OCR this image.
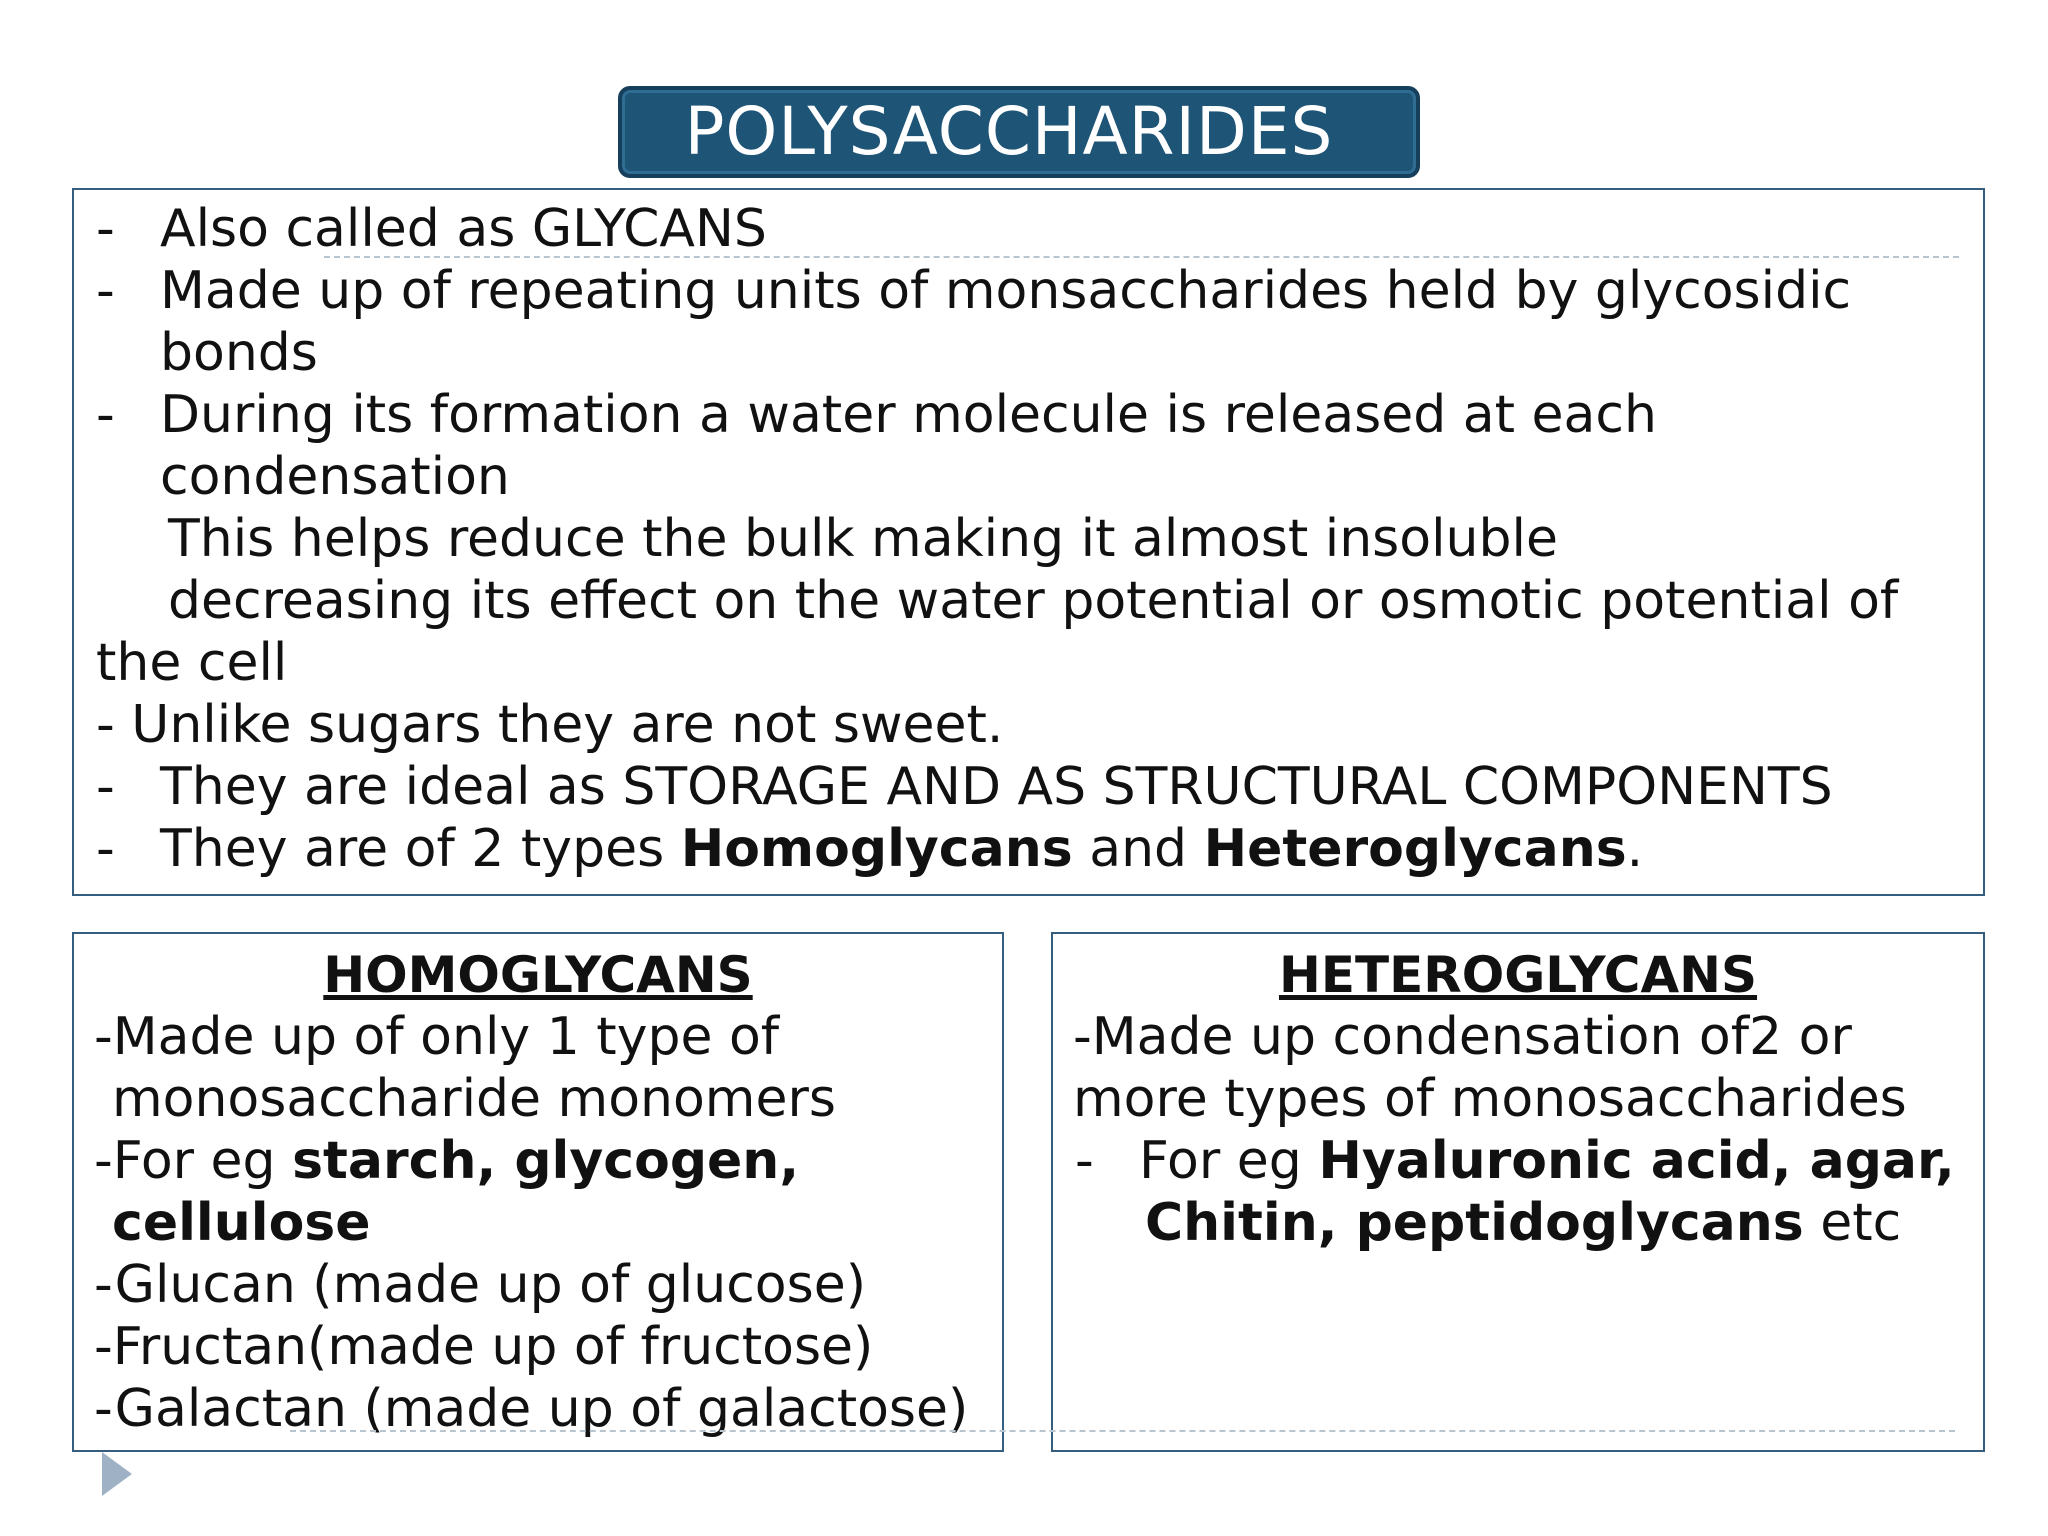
POLYSACCHARIDES
- Also called as GLYCANS
- Made up of repeating units of monsaccharides held by glycosidic
bonds
- During its formation a water molecule is released at each
condensation
This helps reduce the bulk making it almost insoluble
decreasing its effect on the water potential or osmotic potential of
the cell
- Unlike sugars they are not sweet.
- They are ideal as STORAGE AND AS STRUCTURAL COMPONENTS
- They are of 2 types Homoglycans and Heteroglycans.
HOMOGLYCANS
-Made up of only 1 type of
monosaccharide monomers
-For eg starch, glycogen,
cellulose
-Glucan (made up of glucose)
-Fructan(made up of fructose)
-Galactan (made up of galactose)
HETEROGLYCANS
-Made up condensation of2 or
more types of monosaccharides
- For eg Hyaluronic acid, agar,
Chitin, peptidoglycans etc
